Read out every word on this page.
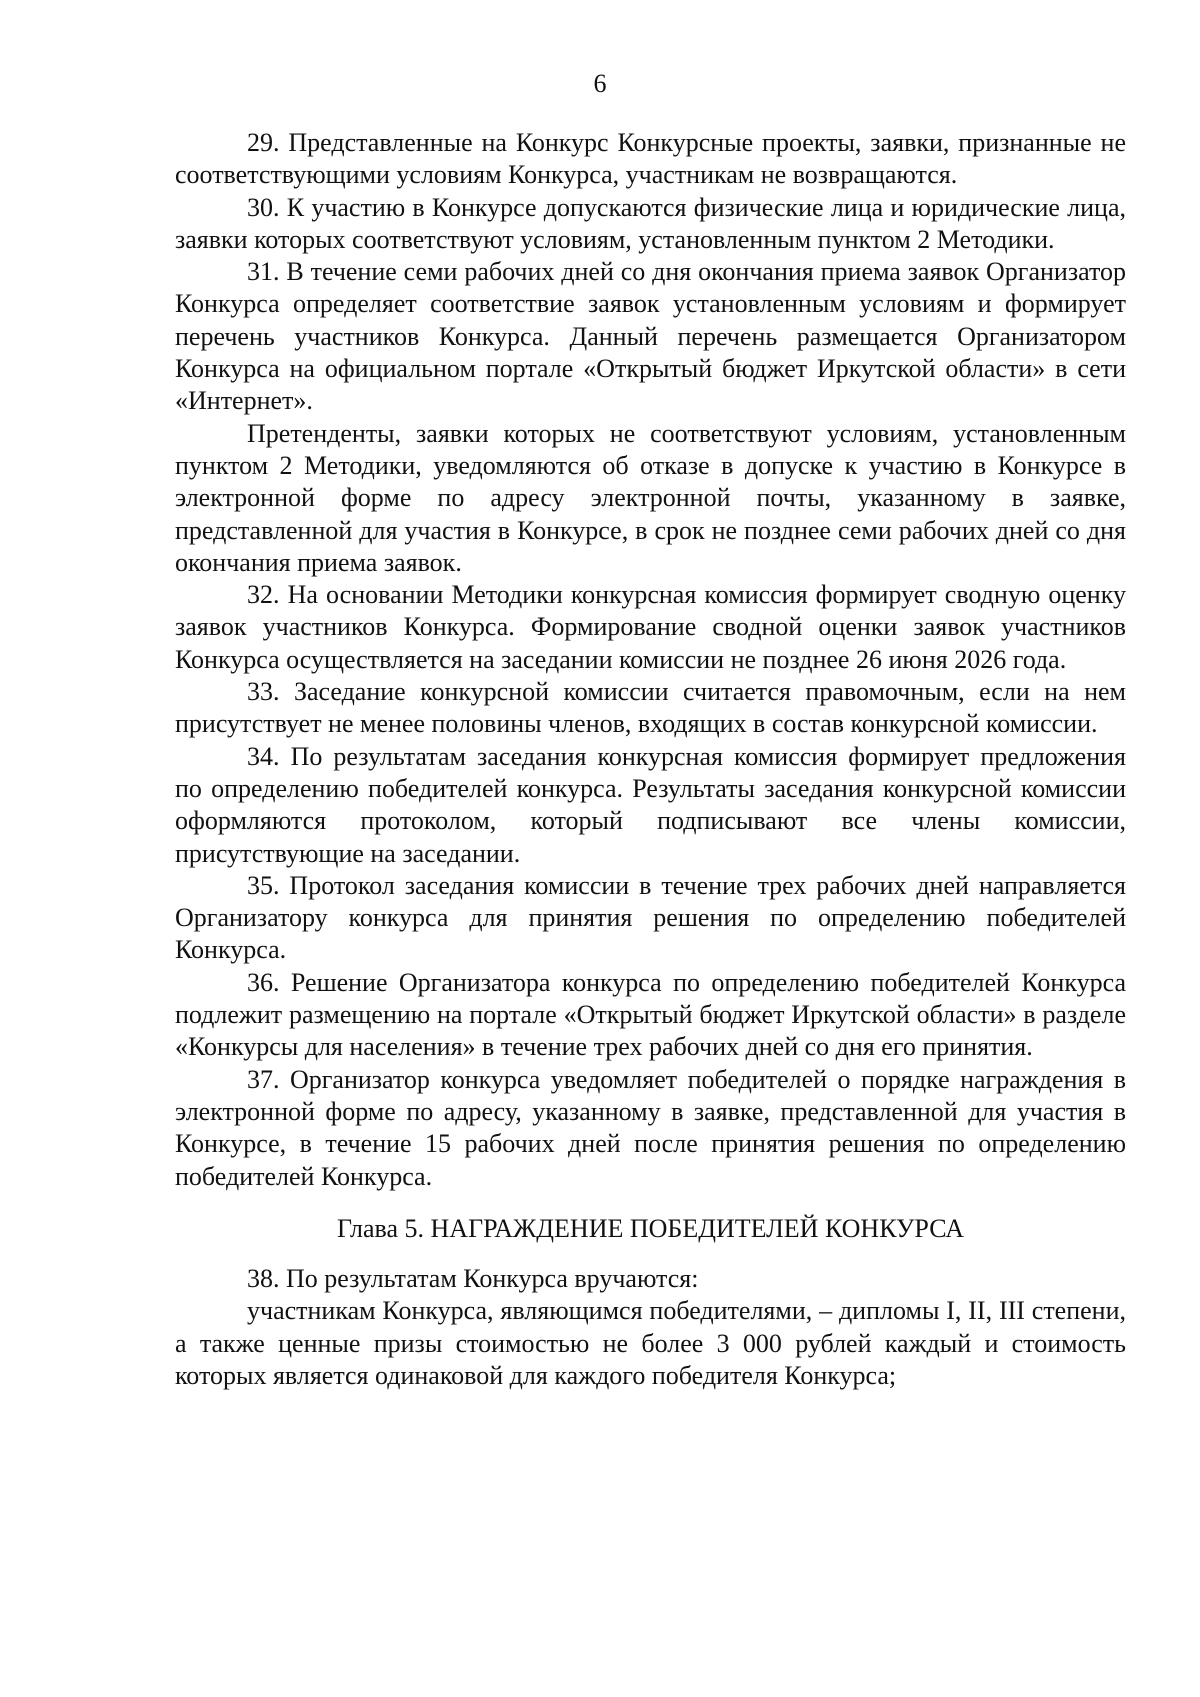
6

29. Представленные на Конкурс Конкурсные проекты, заявки, признанные не соответствующими условиям Конкурса, участникам не возвращаются.

30. К участию в Конкурсе допускаются физические лица и юридические лица, заявки которых соответствуют условиям, установленным пунктом 2 Методики.

31. В течение семи рабочих дней со дня окончания приема заявок Организатор Конкурса определяет соответствие заявок установленным условиям и формирует перечень участников Конкурса. Данный перечень размещается Организатором Конкурса на официальном портале «Открытый бюджет Иркутской области» в сети «Интернет».

Претенденты, заявки которых не соответствуют условиям, установленным пунктом 2 Методики, уведомляются об отказе в допуске к участию в Конкурсе в электронной форме по адресу электронной почты, указанному в заявке, представленной для участия в Конкурсе, в срок не позднее семи рабочих дней со дня окончания приема заявок.

32. На основании Методики конкурсная комиссия формирует сводную оценку заявок участников Конкурса. Формирование сводной оценки заявок участников Конкурса осуществляется на заседании комиссии не позднее 26 июня 2026 года.

33. Заседание конкурсной комиссии считается правомочным, если на нем присутствует не менее половины членов, входящих в состав конкурсной комиссии.

34. По результатам заседания конкурсная комиссия формирует предложения по определению победителей конкурса. Результаты заседания конкурсной комиссии оформляются протоколом, который подписывают все члены комиссии, присутствующие на заседании.

35. Протокол заседания комиссии в течение трех рабочих дней направляется Организатору конкурса для принятия решения по определению победителей Конкурса.

36. Решение Организатора конкурса по определению победителей Конкурса подлежит размещению на портале «Открытый бюджет Иркутской области» в разделе «Конкурсы для населения» в течение трех рабочих дней со дня его принятия.

37. Организатор конкурса уведомляет победителей о порядке награждения в электронной форме по адресу, указанному в заявке, представленной для участия в Конкурсе, в течение 15 рабочих дней после принятия решения по определению победителей Конкурса.

Глава 5. НАГРАЖДЕНИЕ ПОБЕДИТЕЛЕЙ КОНКУРСА

38. По результатам Конкурса вручаются:

участникам Конкурса, являющимся победителями, – дипломы I, II, III степени, а также ценные призы стоимостью не более 3 000 рублей каждый и стоимость которых является одинаковой для каждого победителя Конкурса;
